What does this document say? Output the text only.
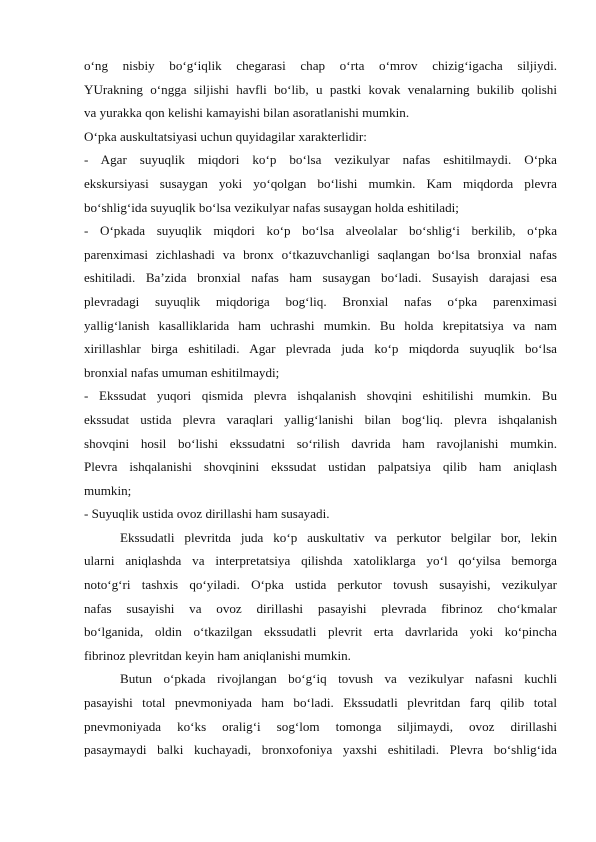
o‘ng nisbiy bo‘g‘iqlik chegarasi chap o‘rta o‘mrov chizig‘igacha siljiydi.
YUrakning o‘ngga siljishi havfli bo‘lib, u pastki kovak venalarning bukilib qolishi
va yurakka qon kelishi kamayishi bilan asoratlanishi mumkin.
O‘pka auskultatsiyasi uchun quyidagilar xarakterlidir:
- Agar suyuqlik miqdori ko‘p bo‘lsa vezikulyar nafas eshitilmaydi. O‘pka
ekskursiyasi susaygan yoki yo‘qolgan bo‘lishi mumkin. Kam miqdorda plevra
bo‘shlig‘ida suyuqlik bo‘lsa vezikulyar nafas susaygan holda eshitiladi;
- O‘pkada suyuqlik miqdori ko‘p bo‘lsa alveolalar bo‘shlig‘i berkilib, o‘pka
parenximasi zichlashadi va bronx o‘tkazuvchanligi saqlangan bo‘lsa bronxial nafas
eshitiladi. Ba’zida bronxial nafas ham susaygan bo‘ladi. Susayish darajasi esa
plevradagi suyuqlik miqdoriga bog‘liq. Bronxial nafas o‘pka parenximasi
yallig‘lanish kasalliklarida ham uchrashi mumkin. Bu holda krepitatsiya va nam
xirillashlar birga eshitiladi. Agar plevrada juda ko‘p miqdorda suyuqlik bo‘lsa
bronxial nafas umuman eshitilmaydi;
- Ekssudat yuqori qismida plevra ishqalanish shovqini eshitilishi mumkin. Bu
ekssudat ustida plevra varaqlari yallig‘lanishi bilan bog‘liq. plevra ishqalanish
shovqini hosil bo‘lishi ekssudatni so‘rilish davrida ham ravojlanishi mumkin.
Plevra ishqalanishi shovqinini ekssudat ustidan palpatsiya qilib ham aniqlash
mumkin;
- Suyuqlik ustida ovoz dirillashi ham susayadi.
Ekssudatli plevritda juda ko‘p auskultativ va perkutor belgilar bor, lekin
ularni aniqlashda va interpretatsiya qilishda xatoliklarga yo‘l qo‘yilsa bemorga
noto‘g‘ri tashxis qo‘yiladi. O‘pka ustida perkutor tovush susayishi, vezikulyar
nafas susayishi va ovoz dirillashi pasayishi plevrada fibrinoz cho‘kmalar
bo‘lganida, oldin o‘tkazilgan ekssudatli plevrit erta davrlarida yoki ko‘pincha
fibrinoz plevritdan keyin ham aniqlanishi mumkin.
Butun o‘pkada rivojlangan bo‘g‘iq tovush va vezikulyar nafasni kuchli
pasayishi total pnevmoniyada ham bo‘ladi. Ekssudatli plevritdan farq qilib total
pnevmoniyada ko‘ks oralig‘i sog‘lom tomonga siljimaydi, ovoz dirillashi
pasaymaydi balki kuchayadi, bronxofoniya yaxshi eshitiladi. Plevra bo‘shlig‘ida
